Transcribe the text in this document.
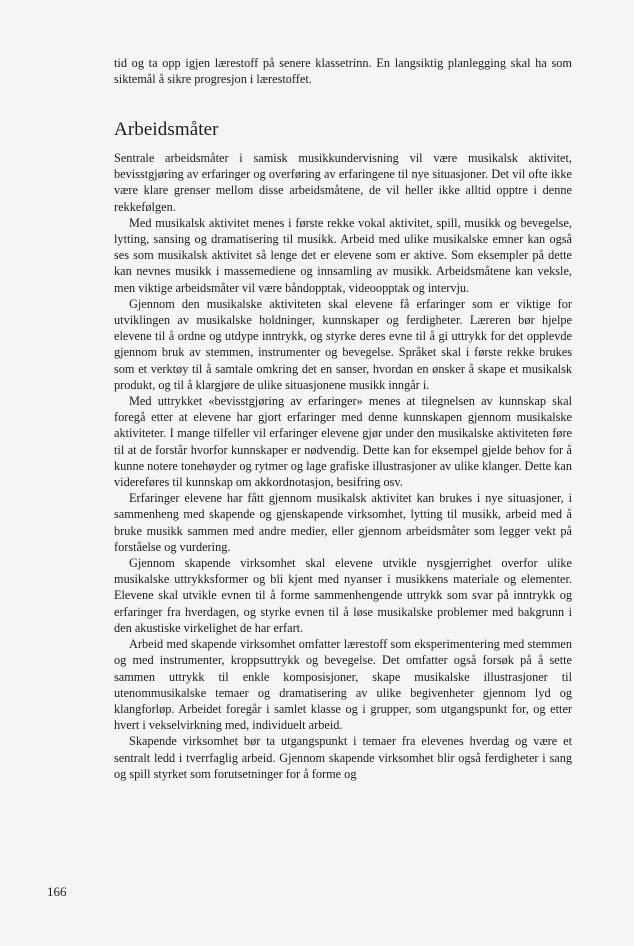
tid og ta opp igjen lærestoff på senere klassetrinn. En langsiktig planlegging skal ha som siktemål å sikre progresjon i lærestoffet.

Arbeidsmåter

Sentrale arbeidsmåter i samisk musikkundervisning vil være musikalsk aktivitet, bevisstgjøring av erfaringer og overføring av erfaringene til nye situasjoner. Det vil ofte ikke være klare grenser mellom disse arbeidsmåtene, de vil heller ikke alltid opptre i denne rekkefølgen.

Med musikalsk aktivitet menes i første rekke vokal aktivitet, spill, musikk og bevegelse, lytting, sansing og dramatisering til musikk. Arbeid med ulike musikalske emner kan også ses som musikalsk aktivitet så lenge det er elevene som er aktive. Som eksempler på dette kan nevnes musikk i massemediene og innsamling av musikk. Arbeidsmåtene kan veksle, men viktige arbeidsmåter vil være båndopptak, videoopptak og intervju.

Gjennom den musikalske aktiviteten skal elevene få erfaringer som er viktige for utviklingen av musikalske holdninger, kunnskaper og ferdigheter. Læreren bør hjelpe elevene til å ordne og utdype inntrykk, og styrke deres evne til å gi uttrykk for det opplevde gjennom bruk av stemmen, instrumenter og bevegelse. Språket skal i første rekke brukes som et verktøy til å samtale omkring det en sanser, hvordan en ønsker å skape et musikalsk produkt, og til å klargjøre de ulike situasjonene musikk inngår i.

Med uttrykket «bevisstgjøring av erfaringer» menes at tilegnelsen av kunnskap skal foregå etter at elevene har gjort erfaringer med denne kunnskapen gjennom musikalske aktiviteter. I mange tilfeller vil erfaringer elevene gjør under den musikalske aktiviteten føre til at de forstår hvorfor kunnskaper er nødvendig. Dette kan for eksempel gjelde behov for å kunne notere tonehøyder og rytmer og lage grafiske illustrasjoner av ulike klanger. Dette kan videreføres til kunnskap om akkordnotasjon, besifring osv.

Erfaringer elevene har fått gjennom musikalsk aktivitet kan brukes i nye situasjoner, i sammenheng med skapende og gjenskapende virksomhet, lytting til musikk, arbeid med å bruke musikk sammen med andre medier, eller gjennom arbeidsmåter som legger vekt på forståelse og vurdering.

Gjennom skapende virksomhet skal elevene utvikle nysgjerrighet overfor ulike musikalske uttrykksformer og bli kjent med nyanser i musikkens materiale og elementer. Elevene skal utvikle evnen til å forme sammenhengende uttrykk som svar på inntrykk og erfaringer fra hverdagen, og styrke evnen til å løse musikalske problemer med bakgrunn i den akustiske virkelighet de har erfart.

Arbeid med skapende virksomhet omfatter lærestoff som eksperimentering med stemmen og med instrumenter, kroppsuttrykk og bevegelse. Det omfatter også forsøk på å sette sammen uttrykk til enkle komposisjoner, skape musikalske illustrasjoner til utenommusikalske temaer og dramatisering av ulike begivenheter gjennom lyd og klangforløp. Arbeidet foregår i samlet klasse og i grupper, som utgangspunkt for, og etter hvert i vekselvirkning med, individuelt arbeid.

Skapende virksomhet bør ta utgangspunkt i temaer fra elevenes hverdag og være et sentralt ledd i tverrfaglig arbeid. Gjennom skapende virksomhet blir også ferdigheter i sang og spill styrket som forutsetninger for å forme og

166
